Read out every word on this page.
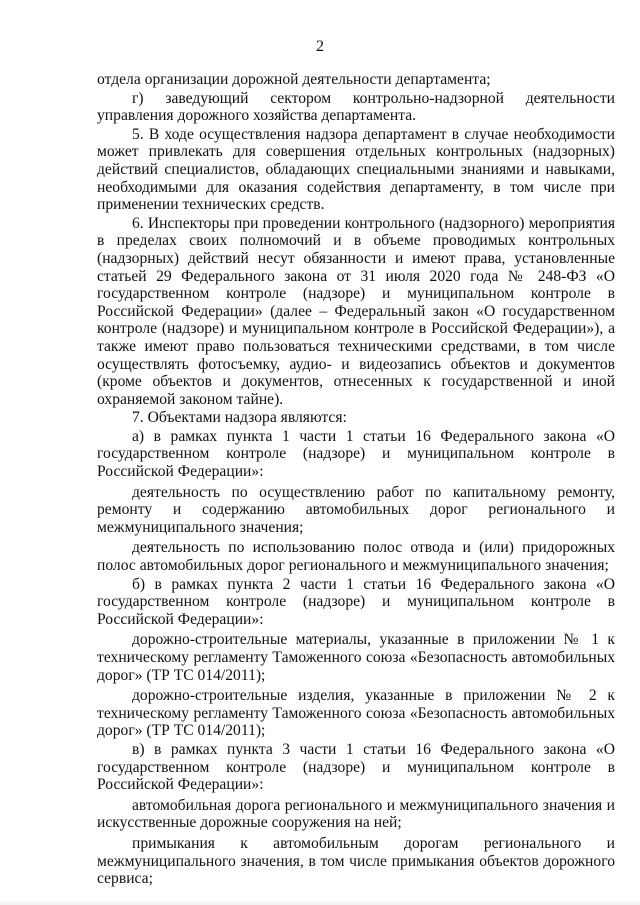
2

отдела организации дорожной деятельности департамента;

г) заведующий сектором контрольно-надзорной деятельности управления дорожного хозяйства департамента.

5. В ходе осуществления надзора департамент в случае необходимости может привлекать для совершения отдельных контрольных (надзорных) действий специалистов, обладающих специальными знаниями и навыками, необходимыми для оказания содействия департаменту, в том числе при применении технических средств.

6. Инспекторы при проведении контрольного (надзорного) мероприятия в пределах своих полномочий и в объеме проводимых контрольных (надзорных) действий несут обязанности и имеют права, установленные статьей 29 Федерального закона от 31 июля 2020 года № 248-ФЗ «О государственном контроле (надзоре) и муниципальном контроле в Российской Федерации» (далее – Федеральный закон «О государственном контроле (надзоре) и муниципальном контроле в Российской Федерации»), а также имеют право пользоваться техническими средствами, в том числе осуществлять фотосъемку, аудио- и видеозапись объектов и документов (кроме объектов и документов, отнесенных к государственной и иной охраняемой законом тайне).

7. Объектами надзора являются:

а) в рамках пункта 1 части 1 статьи 16 Федерального закона «О государственном контроле (надзоре) и муниципальном контроле в Российской Федерации»:

деятельность по осуществлению работ по капитальному ремонту, ремонту и содержанию автомобильных дорог регионального и межмуниципального значения;

деятельность по использованию полос отвода и (или) придорожных полос автомобильных дорог регионального и межмуниципального значения;

б) в рамках пункта 2 части 1 статьи 16 Федерального закона «О государственном контроле (надзоре) и муниципальном контроле в Российской Федерации»:

дорожно-строительные материалы, указанные в приложении № 1 к техническому регламенту Таможенного союза «Безопасность автомобильных дорог» (ТР ТС 014/2011);

дорожно-строительные изделия, указанные в приложении № 2 к техническому регламенту Таможенного союза «Безопасность автомобильных дорог» (ТР ТС 014/2011);

в) в рамках пункта 3 части 1 статьи 16 Федерального закона «О государственном контроле (надзоре) и муниципальном контроле в Российской Федерации»:

автомобильная дорога регионального и межмуниципального значения и искусственные дорожные сооружения на ней;

примыкания к автомобильным дорогам регионального и межмуниципального значения, в том числе примыкания объектов дорожного сервиса;
